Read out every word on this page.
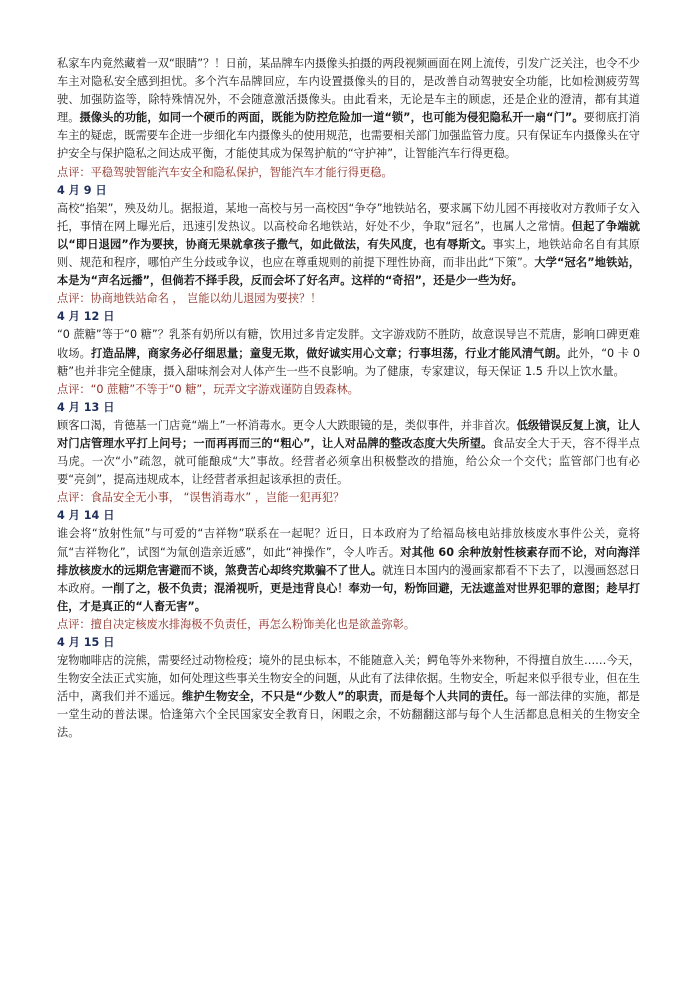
私家车内竟然藏着一双“眼睛”？！日前，某品牌车内摄像头拍摄的两段视频画面在网上流传，引发广泛关注，也令不少车主对隐私安全感到担忧。多个汽车品牌回应，车内设置摄像头的目的，是改善自动驾驶安全功能，比如检测疲劳驾驶、加强防盗等，除特殊情况外，不会随意激活摄像头。由此看来，无论是车主的顾虑，还是企业的澄清，都有其道理。摄像头的功能，如同一个硬币的两面，既能为防控危险加一道“锁”，也可能为侵犯隐私开一扇“门”。要彻底打消车主的疑虑，既需要车企进一步细化车内摄像头的使用规范，也需要相关部门加强监管力度。只有保证车内摄像头在守护安全与保护隐私之间达成平衡，才能使其成为保驾护航的“守护神”，让智能汽车行得更稳。

点评：平稳驾驶智能汽车安全和隐私保护，智能汽车才能行得更稳。

4 月 9 日

高校“掐架”，殃及幼儿。据报道，某地一高校与另一高校因“争夺”地铁站名，要求属下幼儿园不再接收对方教师子女入托，事情在网上曝光后，迅速引发热议。以高校命名地铁站，好处不少，争取“冠名”，也属人之常情。但起了争端就以“即日退园”作为要挟，协商无果就拿孩子撒气，如此做法，有失风度，也有辱斯文。事实上，地铁站命名自有其原则、规范和程序，哪怕产生分歧或争议，也应在尊重规则的前提下理性协商，而非出此“下策”。大学“冠名”地铁站，本是为“声名远播”，但倘若不择手段，反而会坏了好名声。这样的“奇招”，还是少一些为好。

点评：协商地铁站命名 ， 岂能以幼儿退园为要挟？！

4 月 12 日

“0 蔗糖”等于“0 糖”？乳茶有奶所以有糖，饮用过多肯定发胖。文字游戏防不胜防，故意误导岂不荒唐，影响口碑更难收场。打造品牌，商家务必仔细思量；童叟无欺，做好诚实用心文章；行事坦荡，行业才能风清气朗。此外，“0 卡 0 糖”也并非完全健康，摄入甜味剂会对人体产生一些不良影响。为了健康，专家建议，每天保证 1.5 升以上饮水量。

点评：“0 蔗糖”不等于“0 糖”，玩弄文字游戏谨防自毁森林。

4 月 13 日

顾客口渴，肯德基一门店竟“端上”一杯消毒水。更令人大跌眼镜的是，类似事件，并非首次。低级错误反复上演，让人对门店管理水平打上问号；一而再再而三的“粗心”，让人对品牌的整改态度大失所望。食品安全大于天，容不得半点马虎。一次“小”疏忽，就可能酿成“大”事故。经营者必须拿出积极整改的措施，给公众一个交代；监管部门也有必要“亮剑”，提高违规成本，让经营者承担起该承担的责任。

点评：食品安全无小事， “误售消毒水” ，岂能一犯再犯？

4 月 14 日

谁会将“放射性氚”与可爱的“吉祥物”联系在一起呢？近日，日本政府为了给福岛核电站排放核废水事件公关，竟将氚“吉祥物化”，试图“为氚创造亲近感”，如此“神操作”，令人咋舌。对其他 60 余种放射性核素存而不论，对向海洋排放核废水的远期危害避而不谈，煞费苦心却终究欺骗不了世人。就连日本国内的漫画家都看不下去了，以漫画怒怼日本政府。一削了之，极不负责；混淆视听，更是违背良心！奉劝一句，粉饰回避，无法遮盖对世界犯罪的意图；趁早打住，才是真正的“人畜无害”。

点评：擅自决定核废水排海极不负责任，再怎么粉饰美化也是欲盖弥彰。

4 月 15 日

宠物咖啡店的浣熊，需要经过动物检疫；境外的昆虫标本，不能随意入关；鳄龟等外来物种，不得擅自放生……今天，生物安全法正式实施，如何处理这些事关生物安全的问题，从此有了法律依据。生物安全，听起来似乎很专业，但在生活中，离我们并不遥远。维护生物安全，不只是“少数人”的职责，而是每个人共同的责任。每一部法律的实施，都是一堂生动的普法课。恰逢第六个全民国家安全教育日，闲暇之余，不妨翻翻这部与每个人生活都息息相关的生物安全法。
